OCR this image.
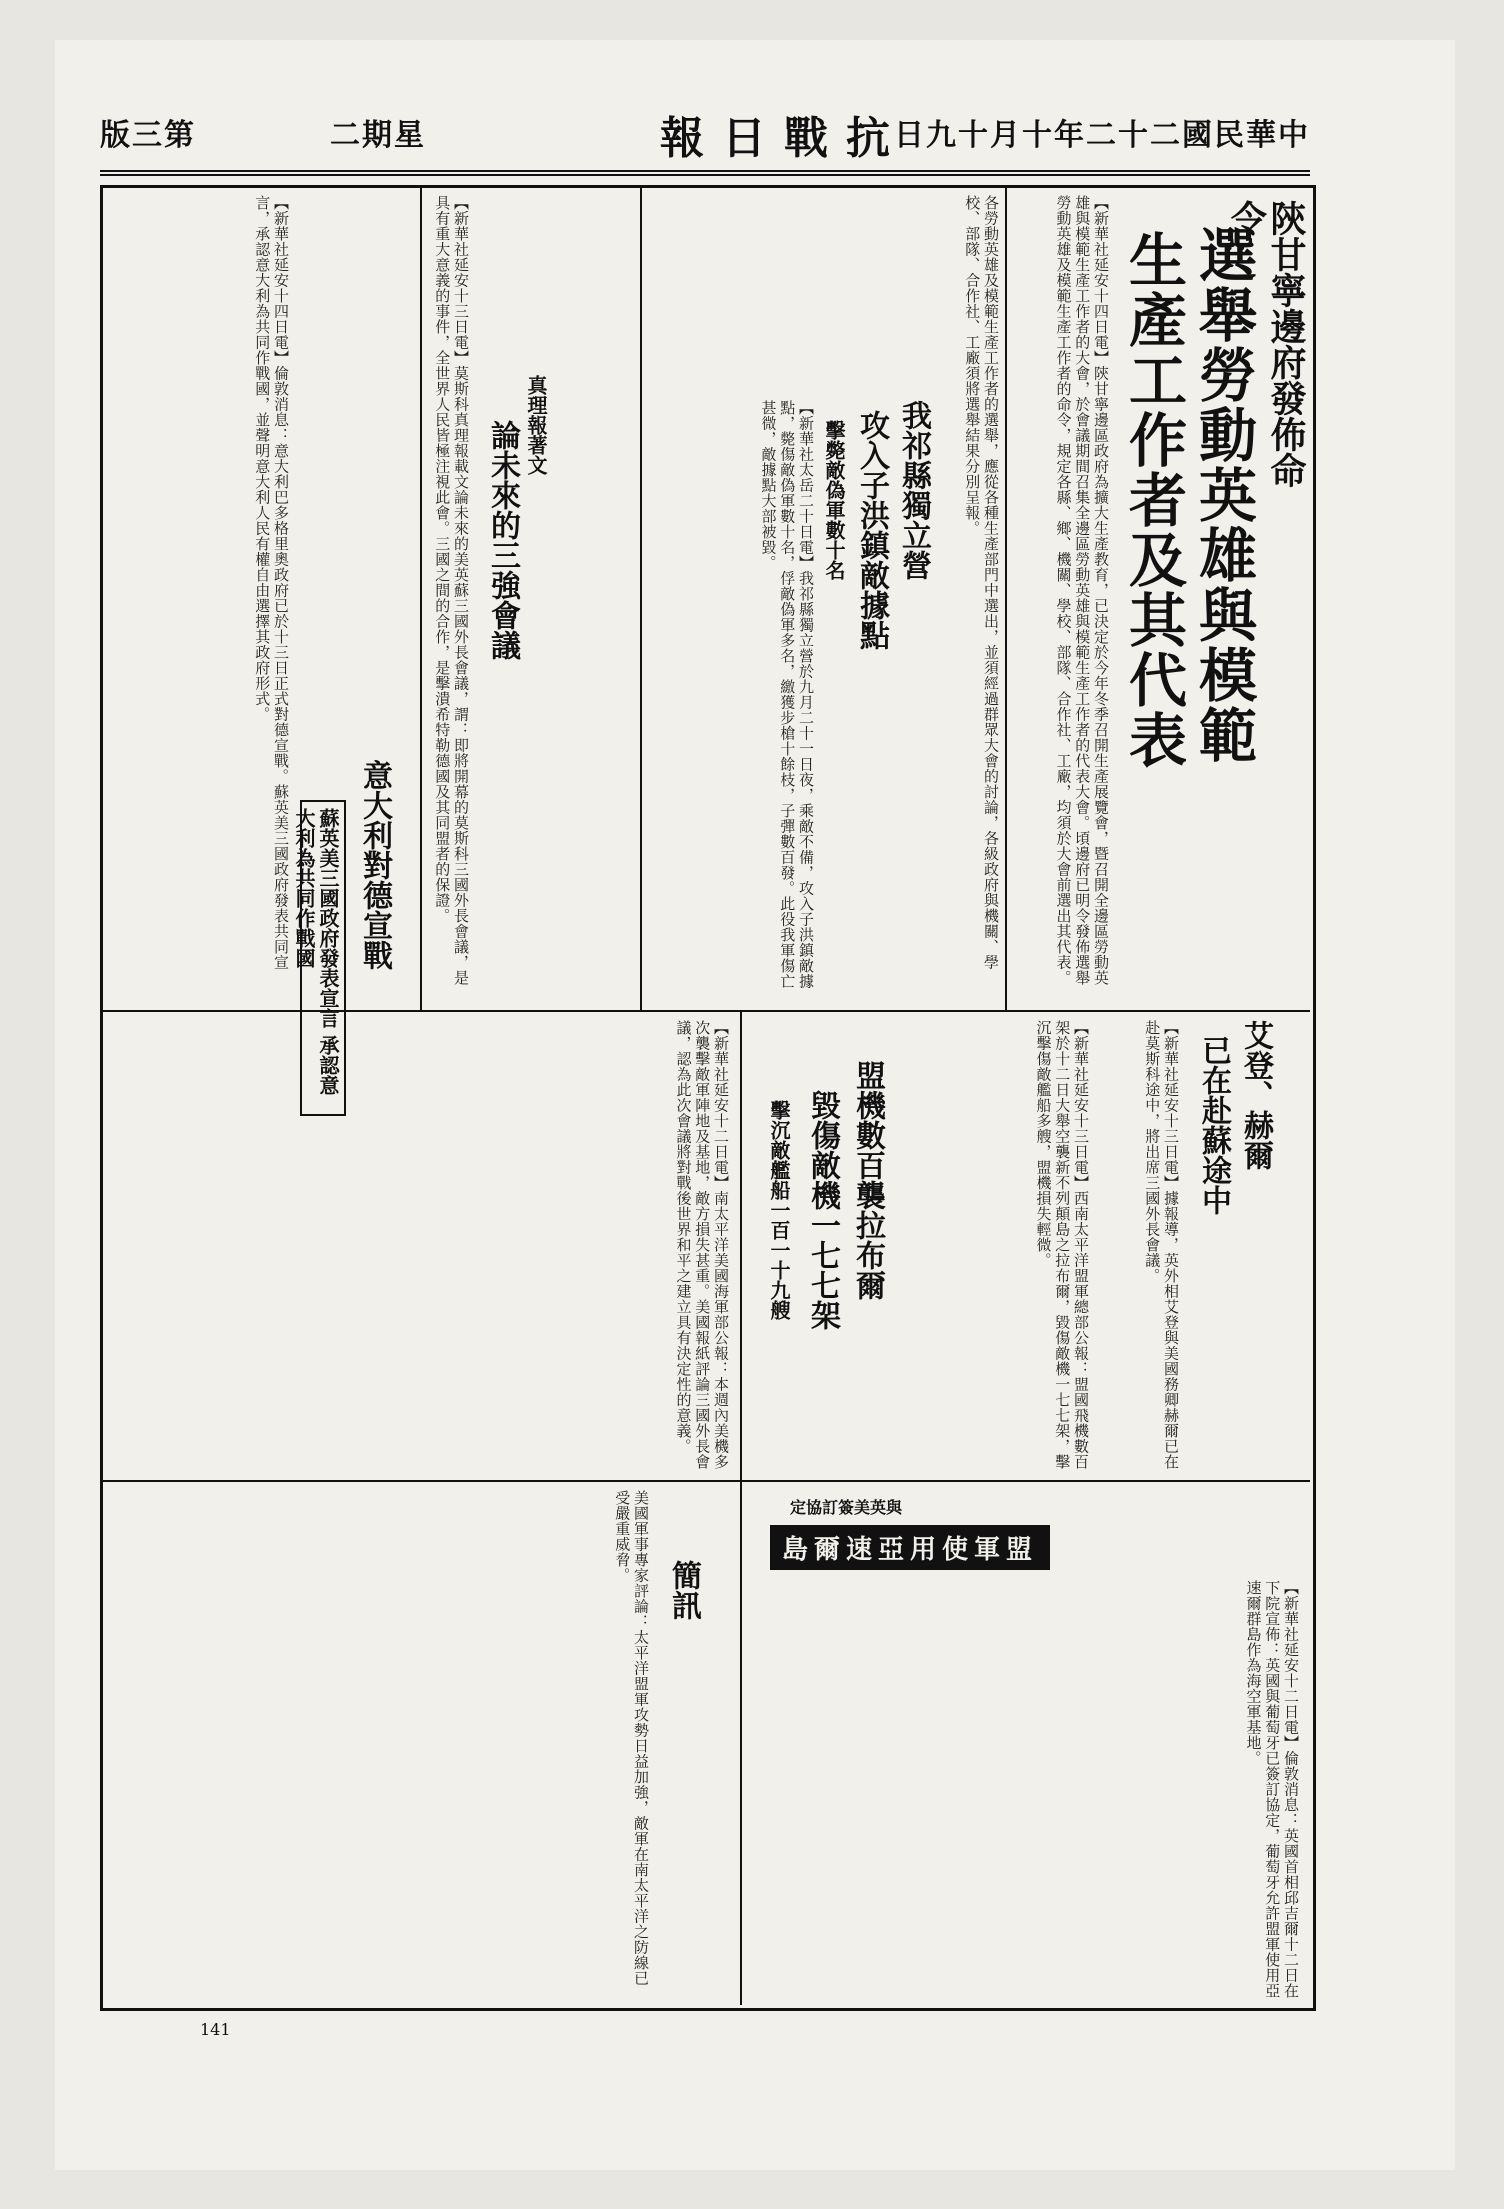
版三第	二期星	報日戰抗
日九十月十年二十二國民華中
陝甘寧邊府發佈命令
選舉勞動英雄與模範
生產工作者及其代表
【新華社延安十四日電】陝甘寧邊區政府為擴大生產教育，已決定於今年冬季召開生產展覽會，暨召開全邊區勞動英雄與模範生產工作者的大會，於會議期間召集全邊區勞動英雄與模範生產工作者的代表大會。頃邊府已明令發佈選舉勞動英雄及模範生產工作者的命令，規定各縣、鄉、機關、學校、部隊、合作社、工廠，均須於大會前選出其代表。
各勞動英雄及模範生產工作者的選舉，應從各種生產部門中選出，並須經過群眾大會的討論，各級政府與機關、學校、部隊、合作社、工廠須將選舉結果分別呈報。
我祁縣獨立營
攻入子洪鎮敵據點
擊斃敵偽軍數十名
【新華社太岳二十日電】我祁縣獨立營於九月二十一日夜，乘敵不備，攻入子洪鎮敵據點，斃傷敵偽軍數十名，俘敵偽軍多名，繳獲步槍十餘枝，子彈數百發。此役我軍傷亡甚微，敵據點大部被毀。
真理報著文
論未來的三強會議
【新華社延安十三日電】莫斯科真理報載文論未來的美英蘇三國外長會議，謂：即將開幕的莫斯科三國外長會議，是具有重大意義的事件，全世界人民皆極注視此會。三國之間的合作，是擊潰希特勒德國及其同盟者的保證。
意大利對德宣戰
蘇英美三國政府發表宣言 承認意大利為共同作戰國
【新華社延安十四日電】倫敦消息：意大利巴多格里奧政府已於十三日正式對德宣戰。蘇英美三國政府發表共同宣言，承認意大利為共同作戰國，並聲明意大利人民有權自由選擇其政府形式。
艾登、赫爾
已在赴蘇途中
【新華社延安十三日電】據報導，英外相艾登與美國務卿赫爾已在赴莫斯科途中，將出席三國外長會議。
盟機數百襲拉布爾
毀傷敵機一七七架
擊沉敵艦船一百一十九艘	【新華社延安十三日電】西南太平洋盟軍總部公報：盟國飛機數百架於十二日大舉空襲新不列顛島之拉布爾，毀傷敵機一七七架，擊沉擊傷敵艦船多艘，盟機損失輕微。
【新華社延安十二日電】南太平洋美國海軍部公報：本週內美機多次襲擊敵軍陣地及基地，敵方損失甚重。美國報紙評論三國外長會議，認為此次會議將對戰後世界和平之建立具有決定性的意義。
島爾速亞用使軍盟
定協訂簽美英與
【新華社延安十二日電】倫敦消息：英國首相邱吉爾十二日在下院宣佈：英國與葡萄牙已簽訂協定，葡萄牙允許盟軍使用亞速爾群島作為海空軍基地。
簡訊
美國軍事專家評論：太平洋盟軍攻勢日益加強，敵軍在南太平洋之防線已受嚴重威脅。
141
